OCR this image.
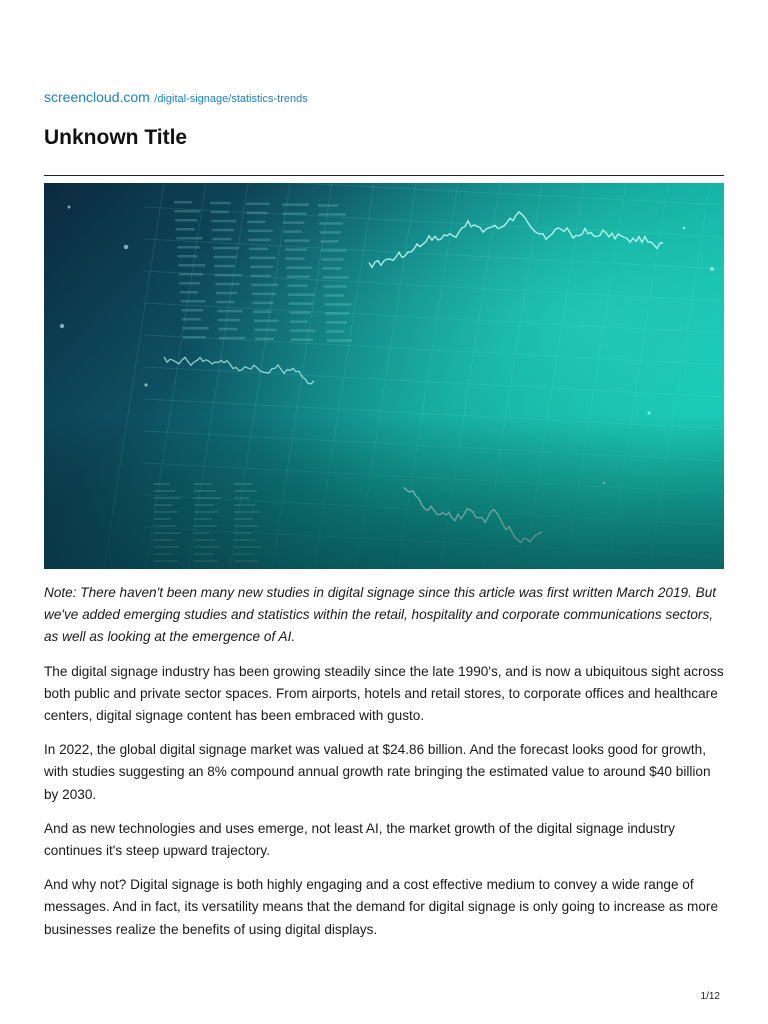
screencloud.com /digital-signage/statistics-trends
Unknown Title

Note: There haven't been many new studies in digital signage since this article was first written March 2019. But we've added emerging studies and statistics within the retail, hospitality and corporate communications sectors, as well as looking at the emergence of AI.

The digital signage industry has been growing steadily since the late 1990's, and is now a ubiquitous sight across both public and private sector spaces. From airports, hotels and retail stores, to corporate offices and healthcare centers, digital signage content has been embraced with gusto.

In 2022, the global digital signage market was valued at $24.86 billion. And the forecast looks good for growth, with studies suggesting an 8% compound annual growth rate bringing the estimated value to around $40 billion by 2030.

And as new technologies and uses emerge, not least AI, the market growth of the digital signage industry continues it's steep upward trajectory.

And why not? Digital signage is both highly engaging and a cost effective medium to convey a wide range of messages. And in fact, its versatility means that the demand for digital signage is only going to increase as more businesses realize the benefits of using digital displays.

1/12
